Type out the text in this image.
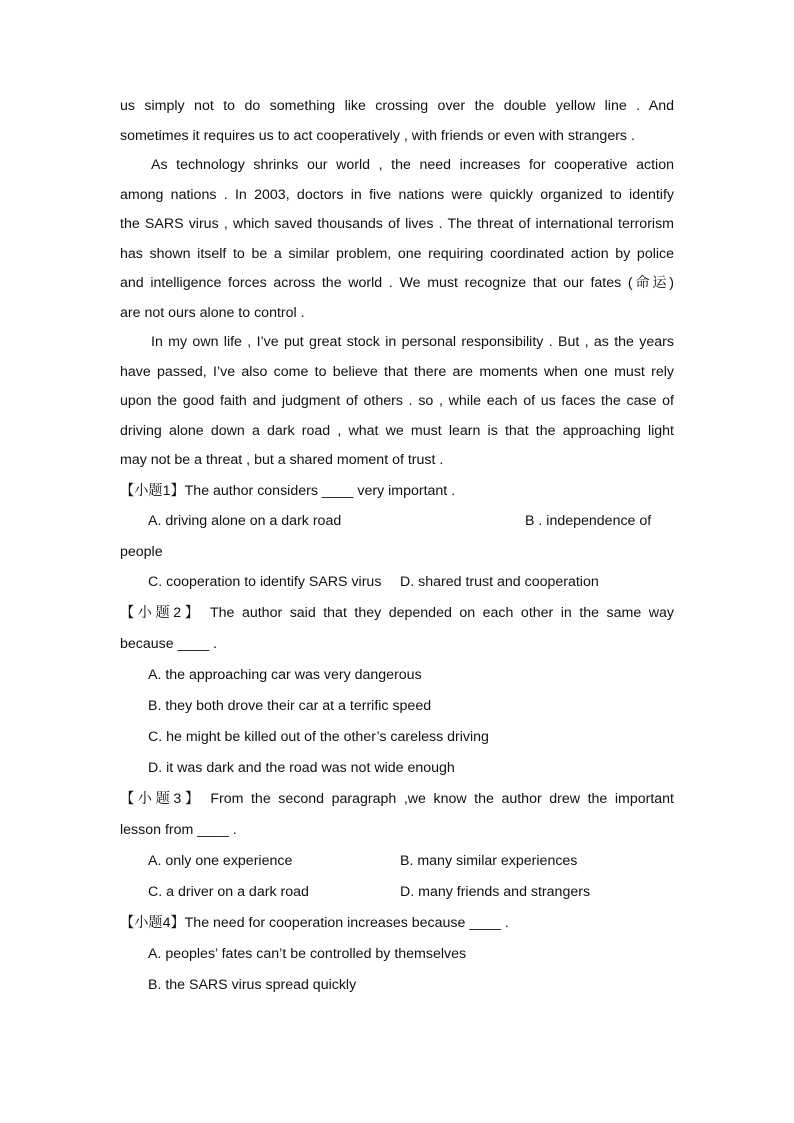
us simply not to do something like crossing over the double yellow line . And
sometimes it requires us to act cooperatively , with friends or even with strangers .
As technology shrinks our world , the need increases for cooperative action
among nations . In 2003, doctors in five nations were quickly organized to identify
the SARS virus , which saved thousands of lives . The threat of international terrorism
has shown itself to be a similar problem, one requiring coordinated action by police
and intelligence forces across the world . We must recognize that our fates (命运)
are not ours alone to control .
In my own life , I’ve put great stock in personal responsibility . But , as the years
have passed, I’ve also come to believe that there are moments when one must rely
upon the good faith and judgment of others . so , while each of us faces the case of
driving alone down a dark road , what we must learn is that the approaching light
may not be a threat , but a shared moment of trust .
【小题1】The author considers ____ very important .
A. driving alone on a dark road	B . independence of
people
C. cooperation to identify SARS virus D. shared trust and cooperation
【小题2】 The author said that they depended on each other in the same way
because ____ .
A. the approaching car was very dangerous
B. they both drove their car at a terrific speed
C. he might be killed out of the other’s careless driving
D. it was dark and the road was not wide enough
【小题3】 From the second paragraph ,we know the author drew the important
lesson from ____ .
A. only one experience	B. many similar experiences
C. a driver on a dark road	D. many friends and strangers
【小题4】The need for cooperation increases because ____ .
A. peoples’ fates can’t be controlled by themselves
B. the SARS virus spread quickly
